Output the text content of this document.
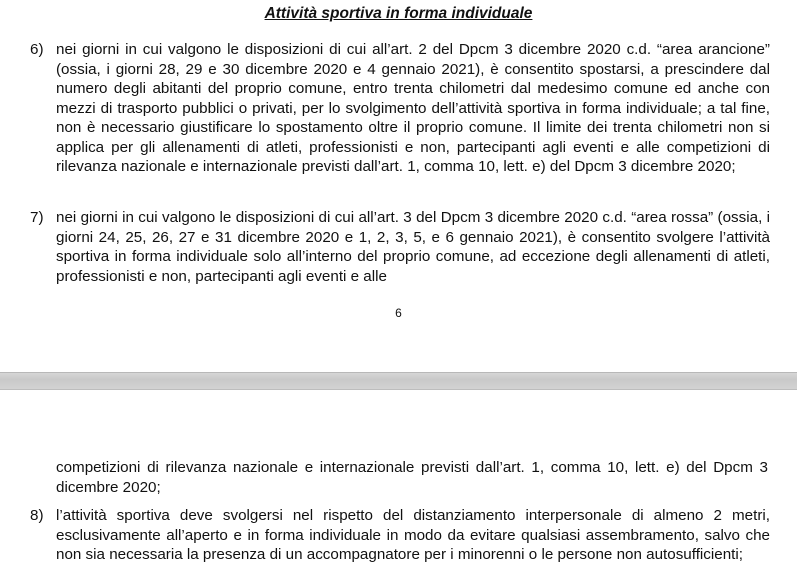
Attività sportiva in forma individuale
6) nei giorni in cui valgono le disposizioni di cui all’art. 2 del Dpcm 3 dicembre 2020 c.d. “area arancione” (ossia, i giorni 28, 29 e 30 dicembre 2020 e 4 gennaio 2021), è consentito spostarsi, a prescindere dal numero degli abitanti del proprio comune, entro trenta chilometri dal medesimo comune ed anche con mezzi di trasporto pubblici o privati, per lo svolgimento dell’attività sportiva in forma individuale; a tal fine, non è necessario giustificare lo spostamento oltre il proprio comune. Il limite dei trenta chilometri non si applica per gli allenamenti di atleti, professionisti e non, partecipanti agli eventi e alle competizioni di rilevanza nazionale e internazionale previsti dall’art. 1, comma 10, lett. e) del Dpcm 3 dicembre 2020;
7) nei giorni in cui valgono le disposizioni di cui all’art. 3 del Dpcm 3 dicembre 2020 c.d. “area rossa” (ossia, i giorni 24, 25, 26, 27 e 31 dicembre 2020 e 1, 2, 3, 5, e 6 gennaio 2021), è consentito svolgere l’attività sportiva in forma individuale solo all’interno del proprio comune, ad eccezione degli allenamenti di atleti, professionisti e non, partecipanti agli eventi e alle

6

competizioni di rilevanza nazionale e internazionale previsti dall’art. 1, comma 10, lett. e) del Dpcm 3 dicembre 2020;

8) l’attività sportiva deve svolgersi nel rispetto del distanziamento interpersonale di almeno 2 metri, esclusivamente all’aperto e in forma individuale in modo da evitare qualsiasi assembramento, salvo che non sia necessaria la presenza di un accompagnatore per i minorenni o le persone non autosufficienti;
